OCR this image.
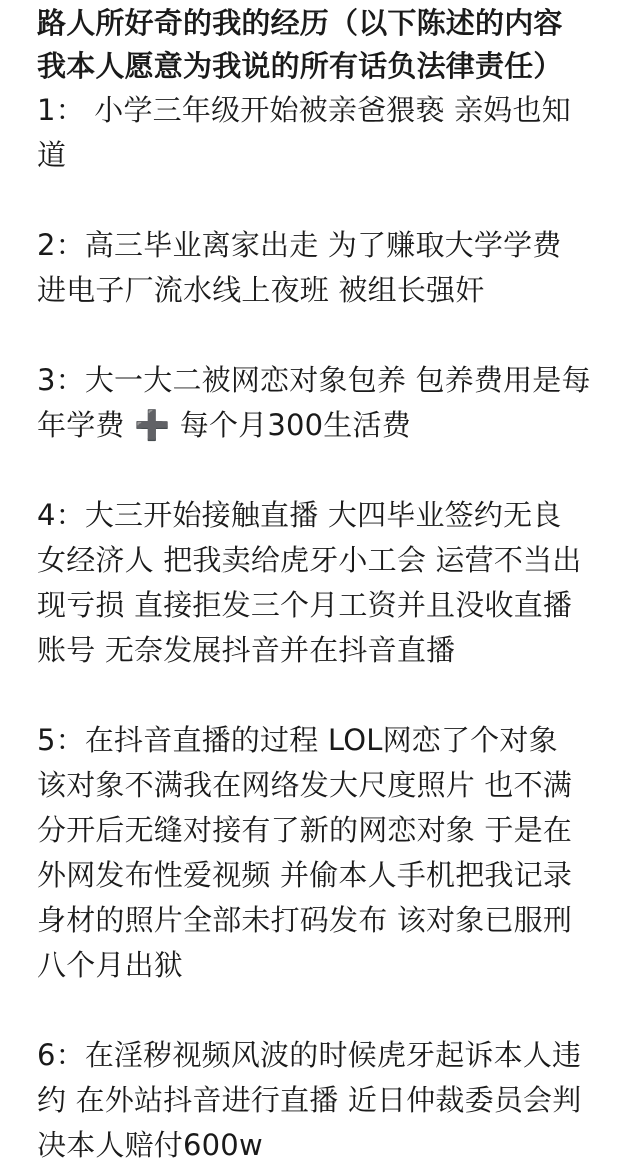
路人所好奇的我的经历（以下陈述的内容
我本人愿意为我说的所有话负法律责任）
1： 小学三年级开始被亲爸猥亵 亲妈也知
道
2：高三毕业离家出走 为了赚取大学学费
进电子厂流水线上夜班 被组长强奸
3：大一大二被网恋对象包养 包养费用是每
年学费 ➕ 每个月300生活费
4：大三开始接触直播 大四毕业签约无良
女经济人 把我卖给虎牙小工会 运营不当出
现亏损 直接拒发三个月工资并且没收直播
账号 无奈发展抖音并在抖音直播
5：在抖音直播的过程 LOL网恋了个对象
该对象不满我在网络发大尺度照片 也不满
分开后无缝对接有了新的网恋对象 于是在
外网发布性爱视频 并偷本人手机把我记录
身材的照片全部未打码发布 该对象已服刑
八个月出狱
6：在淫秽视频风波的时候虎牙起诉本人违
约 在外站抖音进行直播 近日仲裁委员会判
决本人赔付600w
